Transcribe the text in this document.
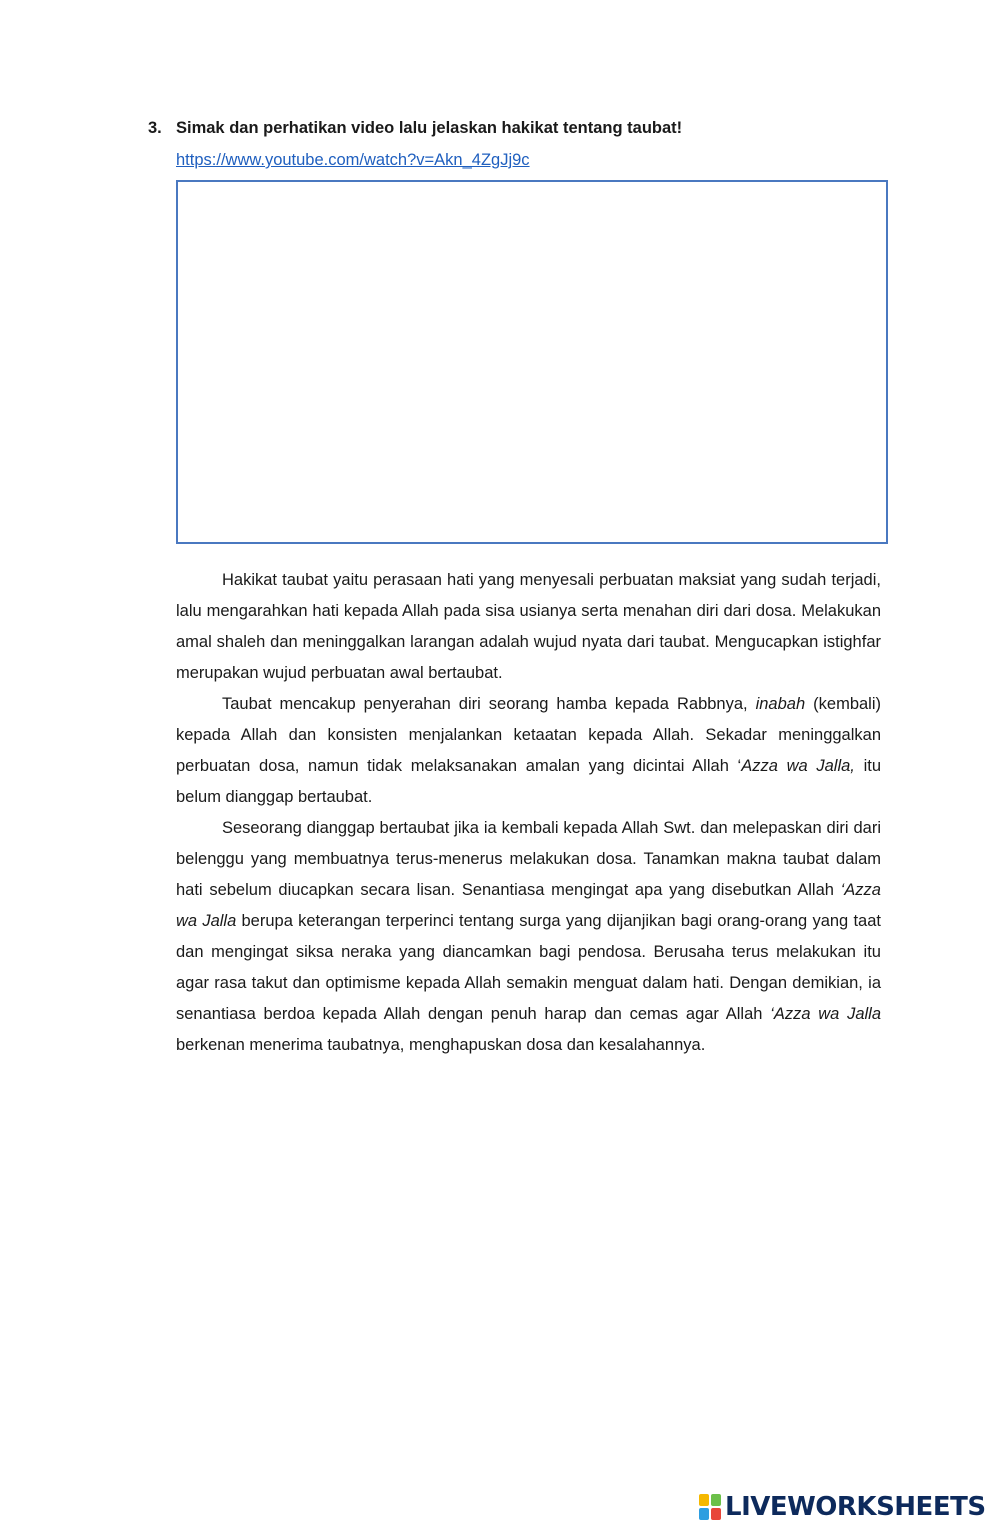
3. Simak dan perhatikan video lalu jelaskan hakikat tentang taubat!
https://www.youtube.com/watch?v=Akn_4ZgJj9c

Hakikat taubat yaitu perasaan hati yang menyesali perbuatan maksiat yang sudah terjadi, lalu mengarahkan hati kepada Allah pada sisa usianya serta menahan diri dari dosa. Melakukan amal shaleh dan meninggalkan larangan adalah wujud nyata dari taubat. Mengucapkan istighfar merupakan wujud perbuatan awal bertaubat.

Taubat mencakup penyerahan diri seorang hamba kepada Rabbnya, inabah (kembali) kepada Allah dan konsisten menjalankan ketaatan kepada Allah. Sekadar meninggalkan perbuatan dosa, namun tidak melaksanakan amalan yang dicintai Allah ‘Azza wa Jalla, itu belum dianggap bertaubat.

Seseorang dianggap bertaubat jika ia kembali kepada Allah Swt. dan melepaskan diri dari belenggu yang membuatnya terus-menerus melakukan dosa. Tanamkan makna taubat dalam hati sebelum diucapkan secara lisan. Senantiasa mengingat apa yang disebutkan Allah ‘Azza wa Jalla berupa keterangan terperinci tentang surga yang dijanjikan bagi orang-orang yang taat dan mengingat siksa neraka yang diancamkan bagi pendosa. Berusaha terus melakukan itu agar rasa takut dan optimisme kepada Allah semakin menguat dalam hati. Dengan demikian, ia senantiasa berdoa kepada Allah dengan penuh harap dan cemas agar Allah ‘Azza wa Jalla berkenan menerima taubatnya, menghapuskan dosa dan kesalahannya.

LIVEWORKSHEETS
